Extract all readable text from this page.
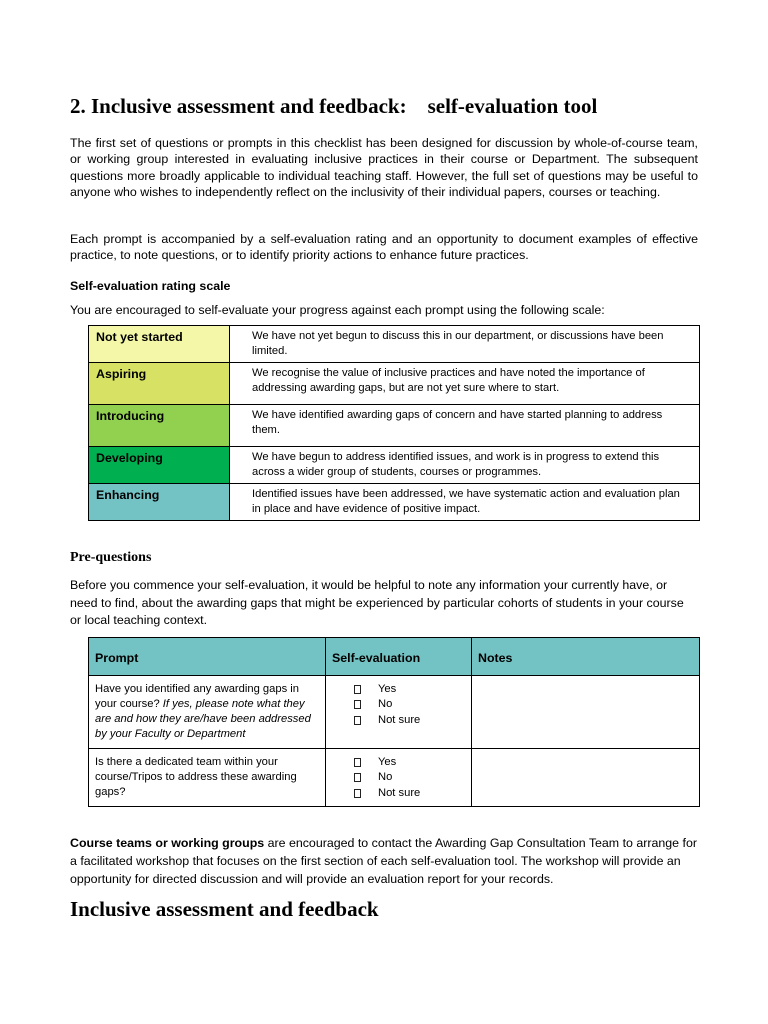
2. Inclusive assessment and feedback: self-evaluation tool

The first set of questions or prompts in this checklist has been designed for discussion by whole-of-course team, or working group interested in evaluating inclusive practices in their course or Department. The subsequent questions more broadly applicable to individual teaching staff. However, the full set of questions may be useful to anyone who wishes to independently reflect on the inclusivity of their individual papers, courses or teaching.

Each prompt is accompanied by a self-evaluation rating and an opportunity to document examples of effective practice, to note questions, or to identify priority actions to enhance future practices.

Self-evaluation rating scale

You are encouraged to self-evaluate your progress against each prompt using the following scale:

Not yet started	We have not yet begun to discuss this in our department, or discussions have been limited.
Aspiring	We recognise the value of inclusive practices and have noted the importance of addressing awarding gaps, but are not yet sure where to start.
Introducing	We have identified awarding gaps of concern and have started planning to address them.
Developing	We have begun to address identified issues, and work is in progress to extend this across a wider group of students, courses or programmes.
Enhancing	Identified issues have been addressed, we have systematic action and evaluation plan in place and have evidence of positive impact.
Pre-questions

Before you commence your self-evaluation, it would be helpful to note any information your currently have, or need to find, about the awarding gaps that might be experienced by particular cohorts of students in your course or local teaching context.

Prompt	Self-evaluation	Notes
Have you identified any awarding gaps in your course? If yes, please note what they are and how they are/have been addressed by your Faculty or Department	Yes
No
Not sure	

Is there a dedicated team within your course/Tripos to address these awarding gaps?	Yes
No
Not sure	

Course teams or working groups are encouraged to contact the Awarding Gap Consultation Team to arrange for a facilitated workshop that focuses on the first section of each self-evaluation tool. The workshop will provide an opportunity for directed discussion and will provide an evaluation report for your records.

Inclusive assessment and feedback
